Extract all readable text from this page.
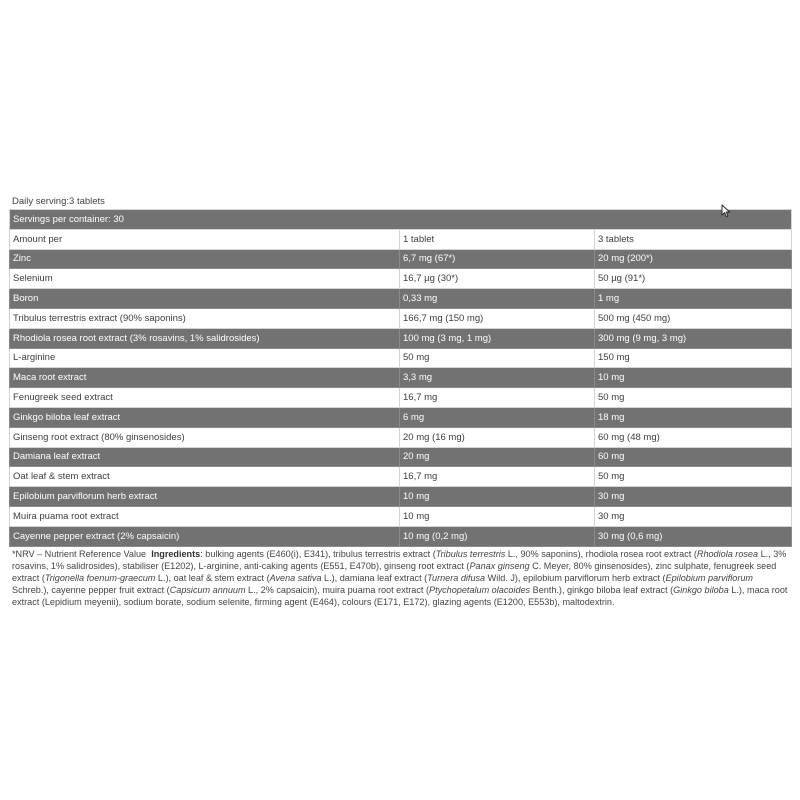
Daily serving:3 tablets
Servings per container: 30		
Amount per	1 tablet	3 tablets
Zinc	6,7 mg (67*)	20 mg (200*)
Selenium	16,7 µg (30*)	50 µg (91*)
Boron	0,33 mg	1 mg
Tribulus terrestris extract (90% saponins)	166,7 mg (150 mg)	500 mg (450 mg)
Rhodiola rosea root extract (3% rosavins, 1% salidrosides)	100 mg (3 mg, 1 mg)	300 mg (9 mg, 3 mg)
L-arginine	50 mg	150 mg
Maca root extract	3,3 mg	10 mg
Fenugreek seed extract	16,7 mg	50 mg
Ginkgo biloba leaf extract	6 mg	18 mg
Ginseng root extract (80% ginsenosides)	20 mg (16 mg)	60 mg (48 mg)
Damiana leaf extract	20 mg	60 mg
Oat leaf & stem extract	16,7 mg	50 mg
Epilobium parviflorum herb extract	10 mg	30 mg
Muira puama root extract	10 mg	30 mg
Cayenne pepper extract (2% capsaicin)	10 mg (0,2 mg)	30 mg (0,6 mg)
*NRV – Nutrient Reference Value Ingredients: bulking agents (E460(i), E341), tribulus terrestris extract (Tribulus terrestris L., 90% saponins), rhodiola rosea root extract (Rhodiola rosea L., 3% rosavins, 1% salidrosides), stabiliser (E1202), L-arginine, anti-caking agents (E551, E470b), ginseng root extract (Panax ginseng C. Meyer, 80% ginsenosides), zinc sulphate, fenugreek seed extract (Trigonella foenum-graecum L.), oat leaf & stem extract (Avena sativa L.), damiana leaf extract (Turnera difusa Wild. J), epilobium parviflorum herb extract (Epilobium parviflorum Schreb.), cayenne pepper fruit extract (Capsicum annuum L., 2% capsaicin), muira puama root extract (Ptychopetalum olacoides Benth.), ginkgo biloba leaf extract (Ginkgo biloba L.), maca root extract (Lepidium meyenii), sodium borate, sodium selenite, firming agent (E464), colours (E171, E172), glazing agents (E1200, E553b), maltodextrin.
